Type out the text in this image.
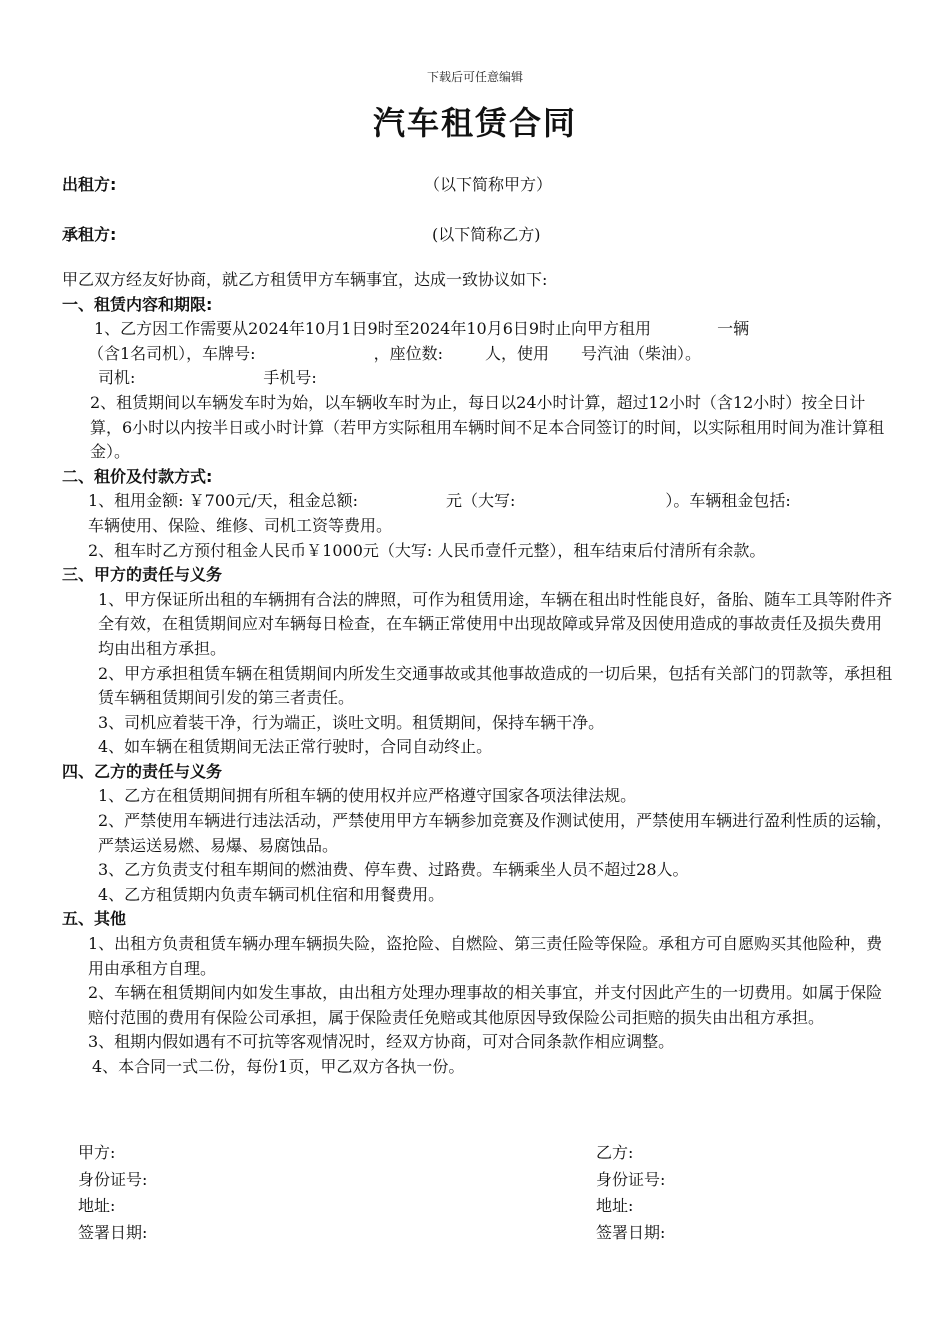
下载后可任意编辑
汽车租赁合同
出租方:	（以下简称甲方）
承租方:	(以下简称乙方)

甲乙双方经友好协商，就乙方租赁甲方车辆事宜，达成一致协议如下:

一、租赁内容和期限:

1、乙方因工作需要从2024年10月1日9时至2024年10月6日9时止向甲方租用	一辆

（含1名司机），车牌号:	，座位数:	人，使用 号汽油（柴油）。

司机:	手机号:

2、租赁期间以车辆发车时为始，以车辆收车时为止，每日以24小时计算，超过12小时（含12小时）按全日计算，6小时以内按半日或小时计算（若甲方实际租用车辆时间不足本合同签订的时间，以实际租用时间为准计算租金）。

二、租价及付款方式:

1、租用金额: ￥700元/天，租金总额:	元（大写:	）。车辆租金包括:

车辆使用、保险、维修、司机工资等费用。

2、租车时乙方预付租金人民币￥1000元（大写: 人民币壹仟元整），租车结束后付清所有余款。

三、甲方的责任与义务

1、甲方保证所出租的车辆拥有合法的牌照，可作为租赁用途，车辆在租出时性能良好，备胎、随车工具等附件齐全有效，在租赁期间应对车辆每日检查，在车辆正常使用中出现故障或异常及因使用造成的事故责任及损失费用均由出租方承担。

2、甲方承担租赁车辆在租赁期间内所发生交通事故或其他事故造成的一切后果，包括有关部门的罚款等，承担租赁车辆租赁期间引发的第三者责任。

3、司机应着装干净，行为端正，谈吐文明。租赁期间，保持车辆干净。

4、如车辆在租赁期间无法正常行驶时，合同自动终止。

四、乙方的责任与义务

1、乙方在租赁期间拥有所租车辆的使用权并应严格遵守国家各项法律法规。

2、严禁使用车辆进行违法活动，严禁使用甲方车辆参加竞赛及作测试使用，严禁使用车辆进行盈利性质的运输，严禁运送易燃、易爆、易腐蚀品。

3、乙方负责支付租车期间的燃油费、停车费、过路费。车辆乘坐人员不超过28人。

4、乙方租赁期内负责车辆司机住宿和用餐费用。

五、其他

1、出租方负责租赁车辆办理车辆损失险，盗抢险、自燃险、第三责任险等保险。承租方可自愿购买其他险种，费用由承租方自理。

2、车辆在租赁期间内如发生事故，由出租方处理办理事故的相关事宜，并支付因此产生的一切费用。如属于保险赔付范围的费用有保险公司承担，属于保险责任免赔或其他原因导致保险公司拒赔的损失由出租方承担。

3、租期内假如遇有不可抗等客观情况时，经双方协商，可对合同条款作相应调整。

4、本合同一式二份，每份1页，甲乙双方各执一份。

甲方:
身份证号:
地址:
签署日期:
乙方:
身份证号:
地址:
签署日期:
